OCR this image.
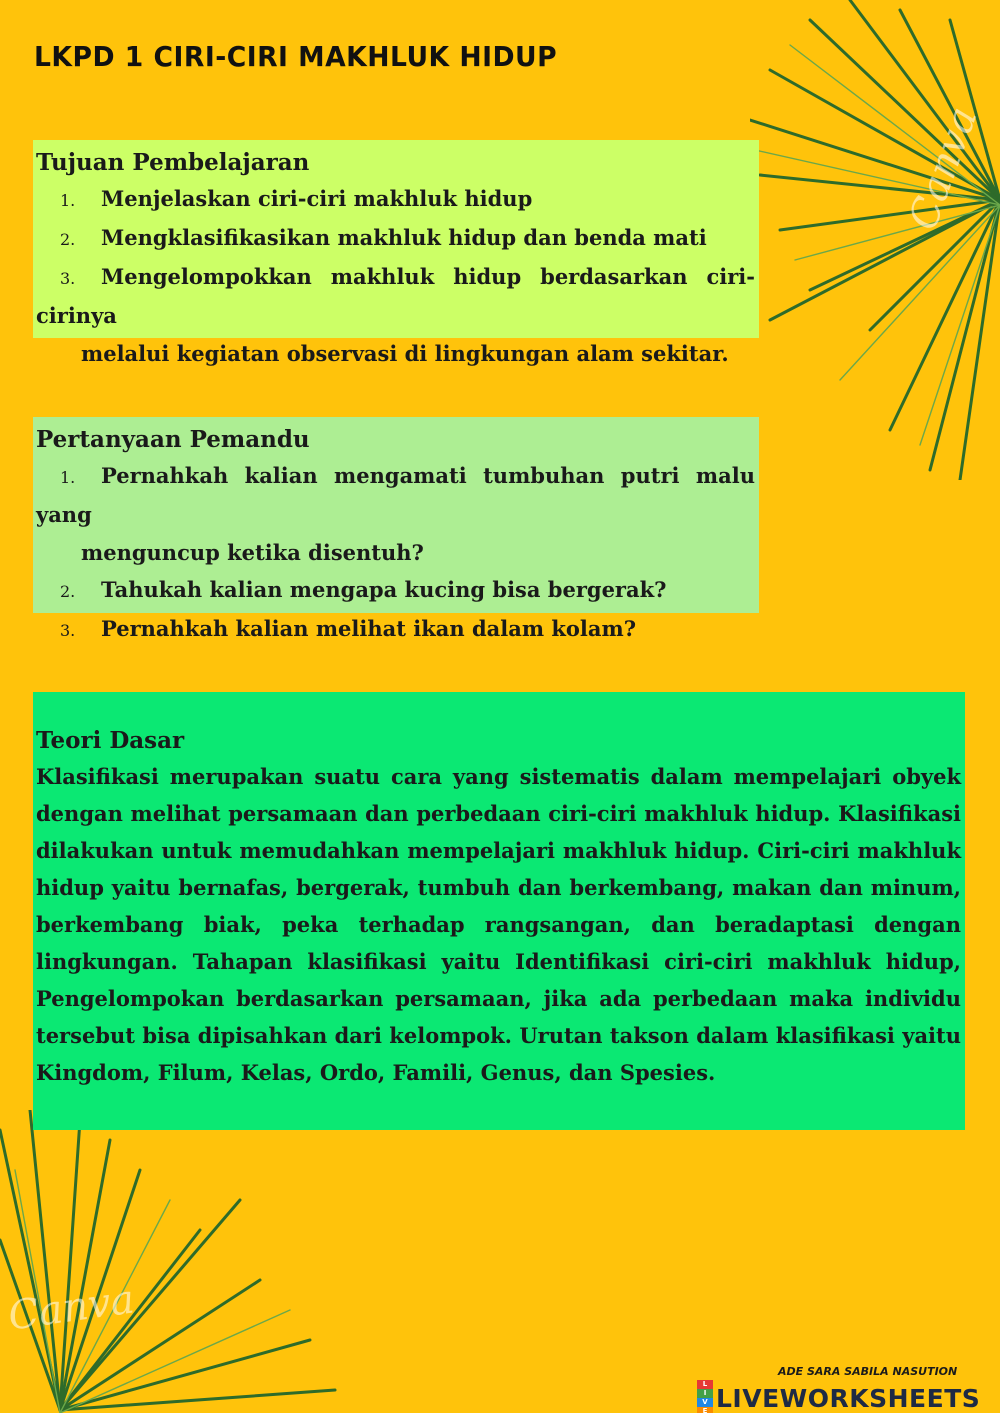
Canva
Canva
LKPD 1 CIRI-CIRI MAKHLUK HIDUP
Tujuan Pembelajaran
1. Menjelaskan ciri-ciri makhluk hidup
2. Mengklasifikasikan makhluk hidup dan benda mati
3. Mengelompokkan makhluk hidup berdasarkan ciri-cirinya
melalui kegiatan observasi di lingkungan alam sekitar.
Pertanyaan Pemandu
1. Pernahkah kalian mengamati tumbuhan putri malu yang
menguncup ketika disentuh?
2. Tahukah kalian mengapa kucing bisa bergerak?
3. Pernahkah kalian melihat ikan dalam kolam?
Teori Dasar

Klasifikasi merupakan suatu cara yang sistematis dalam mempelajari obyek dengan melihat persamaan dan perbedaan ciri-ciri makhluk hidup. Klasifikasi dilakukan untuk memudahkan mempelajari makhluk hidup. Ciri-ciri makhluk hidup yaitu bernafas, bergerak, tumbuh dan berkembang, makan dan minum, berkembang biak, peka terhadap rangsangan, dan beradaptasi dengan lingkungan. Tahapan klasifikasi yaitu Identifikasi ciri-ciri makhluk hidup, Pengelompokan berdasarkan persamaan, jika ada perbedaan maka individu tersebut bisa dipisahkan dari kelompok. Urutan takson dalam klasifikasi yaitu Kingdom, Filum, Kelas, Ordo, Famili, Genus, dan Spesies.

ADE SARA SABILA NASUTION
L
I
V
E LIVEWORKSHEETS
